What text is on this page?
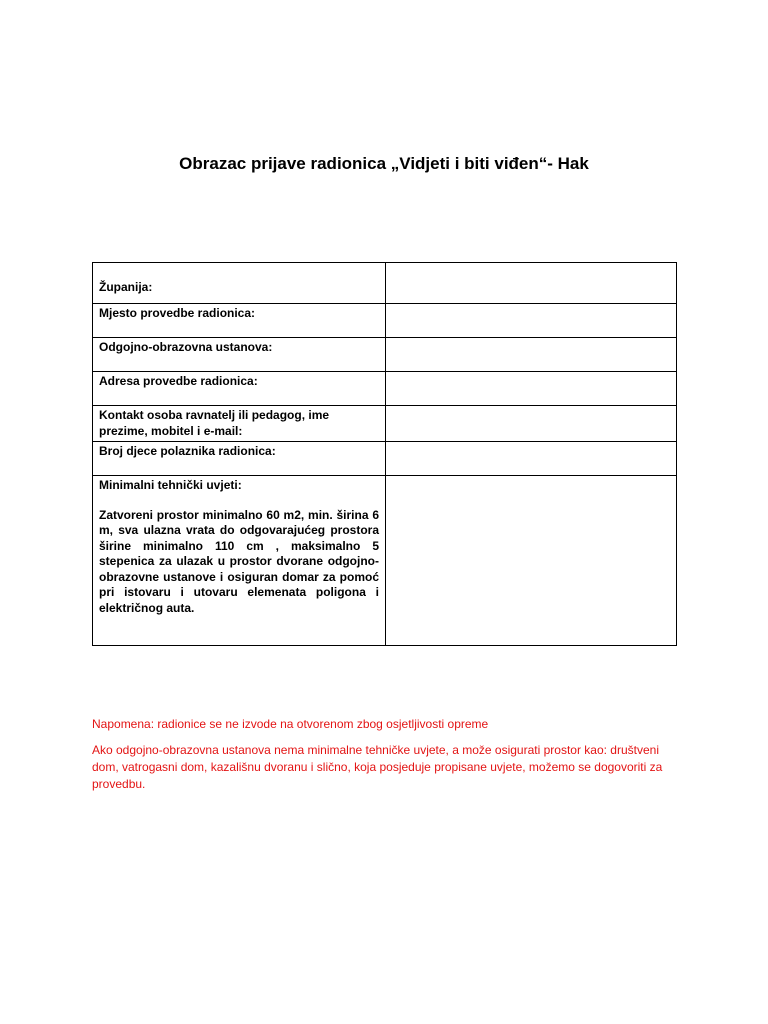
Obrazac prijave radionica „Vidjeti i biti viđen“- Hak
Županija:	
Mjesto provedbe radionica:	
Odgojno-obrazovna ustanova:	
Adresa provedbe radionica:	
Kontakt osoba ravnatelj ili pedagog, ime prezime, mobitel i e-mail:	
Broj djece polaznika radionica:	

Minimalni tehnički uvjeti:
Zatvoreni prostor minimalno 60 m2, min. širina 6 m, sva ulazna vrata do odgovarajućeg prostora širine minimalno 110 cm , maksimalno 5 stepenica za ulazak u prostor dvorane odgojno-obrazovne ustanove i osiguran domar za pomoć pri istovaru i utovaru elemenata poligona i električnog auta.	

Napomena: radionice se ne izvode na otvorenom zbog osjetljivosti opreme
Ako odgojno-obrazovna ustanova nema minimalne tehničke uvjete, a može osigurati prostor kao: društveni dom, vatrogasni dom, kazališnu dvoranu i slično, koja posjeduje propisane uvjete, možemo se dogovoriti za provedbu.
